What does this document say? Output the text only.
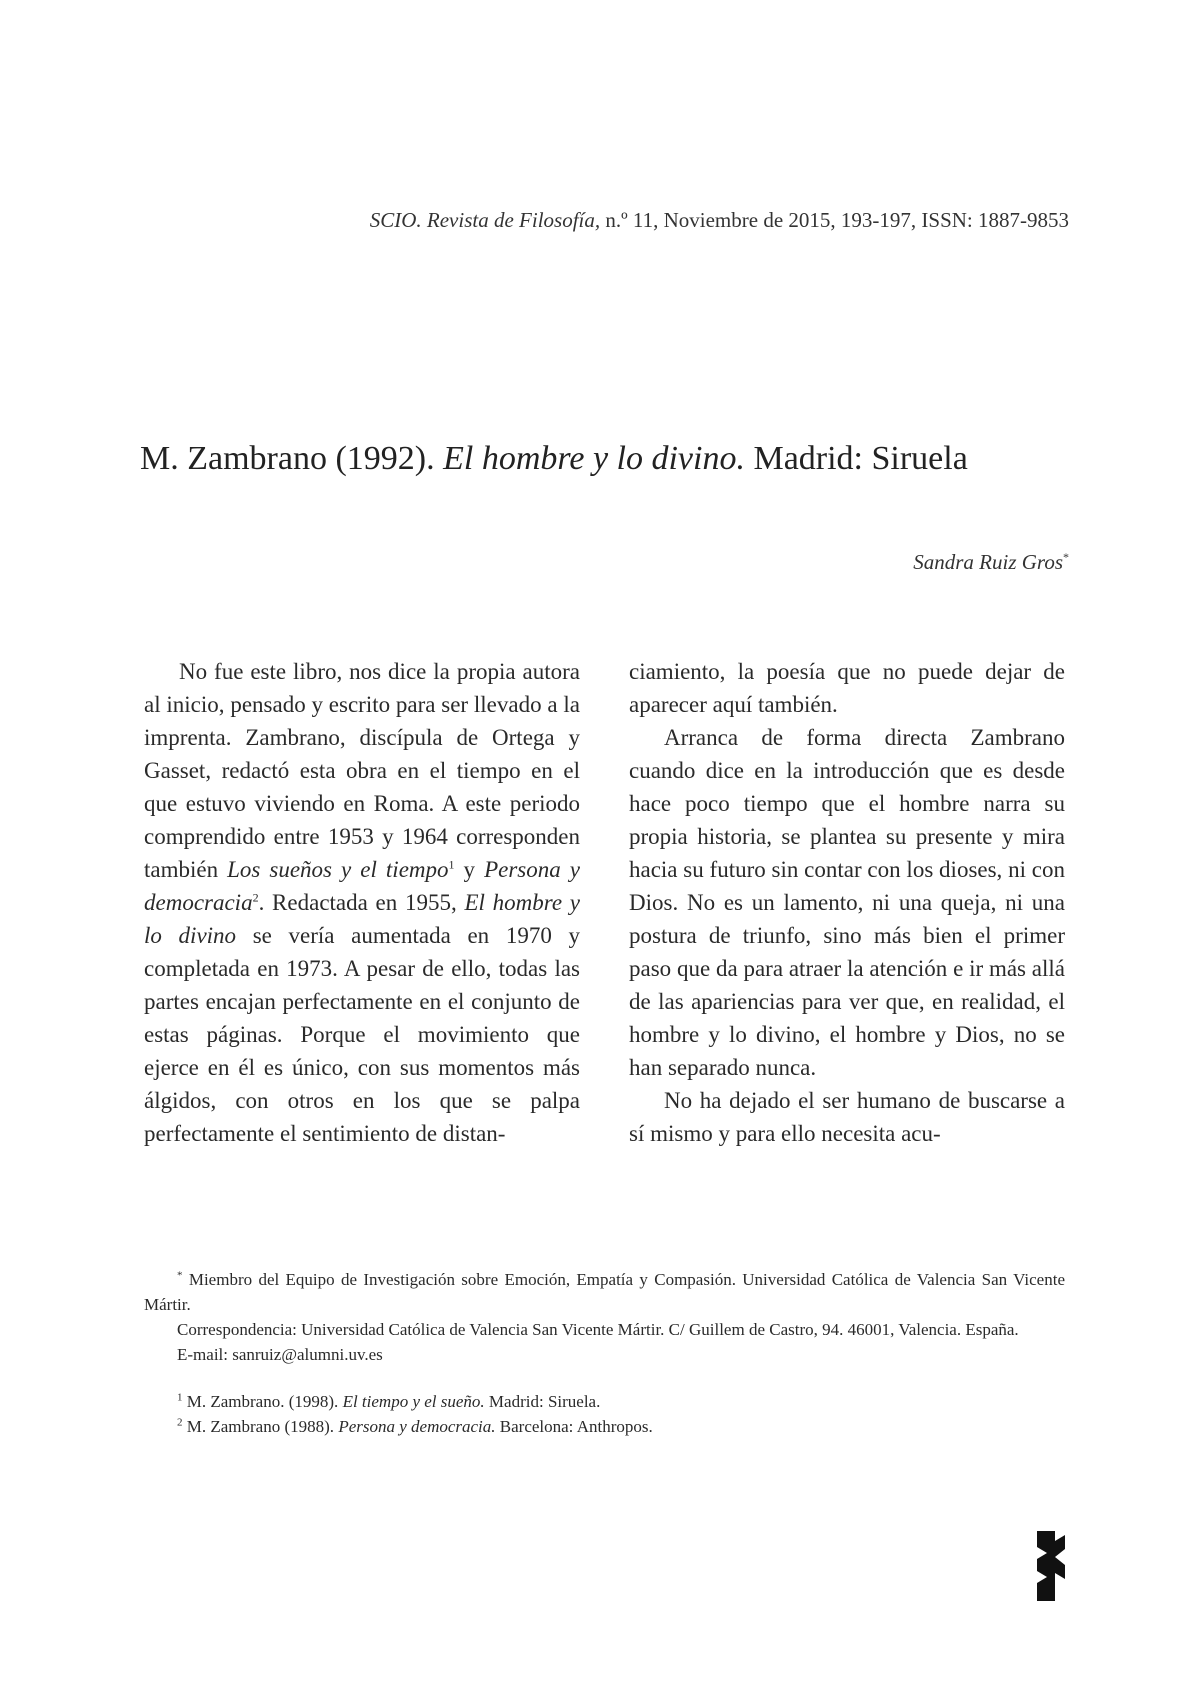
SCIO. Revista de Filosofía, n.º 11, Noviembre de 2015, 193-197, ISSN: 1887-9853
M. Zambrano (1992). El hombre y lo divino. Madrid: Siruela
Sandra Ruiz Gros*

No fue este libro, nos dice la propia autora al inicio, pensado y escrito para ser llevado a la imprenta. Zambrano, discípula de Ortega y Gasset, redactó esta obra en el tiempo en el que estuvo viviendo en Roma. A este periodo comprendido entre 1953 y 1964 corresponden también Los sueños y el tiempo$^1$ y Persona y democracia$^2$. Redactada en 1955, El hombre y lo divino se vería aumentada en 1970 y completada en 1973. A pesar de ello, todas las partes encajan perfectamente en el conjunto de estas páginas. Porque el movimiento que ejerce en él es único, con sus momentos más álgidos, con otros en los que se palpa perfectamente el sentimiento de distan-

ciamiento, la poesía que no puede dejar de aparecer aquí también.

Arranca de forma directa Zambrano cuando dice en la introducción que es desde hace poco tiempo que el hombre narra su propia historia, se plantea su presente y mira hacia su futuro sin contar con los dioses, ni con Dios. No es un lamento, ni una queja, ni una postura de triunfo, sino más bien el primer paso que da para atraer la atención e ir más allá de las apariencias para ver que, en realidad, el hombre y lo divino, el hombre y Dios, no se han separado nunca.

No ha dejado el ser humano de buscarse a sí mismo y para ello necesita acu-

* Miembro del Equipo de Investigación sobre Emoción, Empatía y Compasión. Universidad Católica de Valencia San Vicente Mártir.

Correspondencia: Universidad Católica de Valencia San Vicente Mártir. C/ Guillem de Castro, 94. 46001, Valencia. España.

E-mail: sanruiz@alumni.uv.es

$^1$ M. Zambrano. (1998). El tiempo y el sueño. Madrid: Siruela.

$^2$ M. Zambrano (1988). Persona y democracia. Barcelona: Anthropos.
